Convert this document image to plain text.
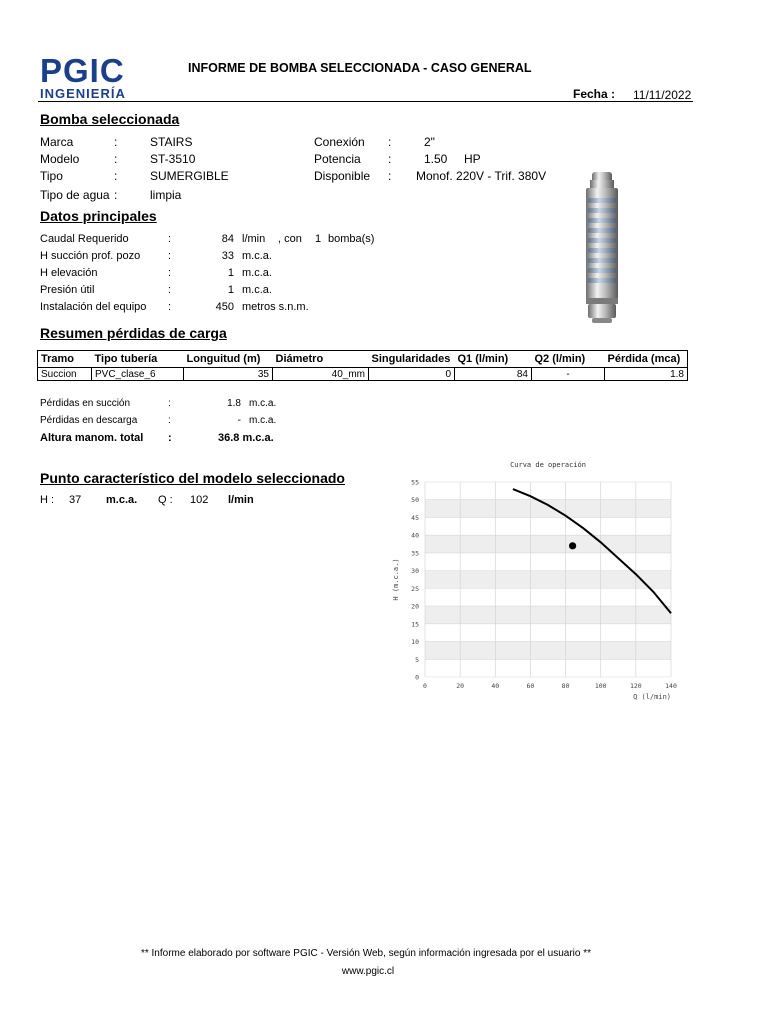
PGIC
INGENIERÍA
INFORME DE BOMBA SELECCIONADA - CASO GENERAL
Fecha : 11/11/2022
Bomba seleccionada
Marca	:	STAIRS
Modelo	:	ST-3510
Tipo	:	SUMERGIBLE
Tipo de agua :	limpia
Conexión :	2"
Potencia :	1.50 HP
Disponible : Monof. 220V - Trif. 380V
Datos principales
Caudal Requerido	:	84 l/min , con 1 bomba(s)
H succión prof. pozo	:	33 m.c.a.
H elevación	:	1 m.c.a.
Presión útil	:	1 m.c.a.
Instalación del equipo :	450 metros s.n.m.
Resumen pérdidas de carga
Tramo	Tipo tubería	Longuitud (m)	Diámetro	Singularidades	Q1 (l/min)	Q2 (l/min)	Pérdida (mca)
Succion	PVC_clase_6	35	40_mm	0	84	-	1.8
Pérdidas en succión	:	1.8 m.c.a.
Pérdidas en descarga	:	- m.c.a.
Altura manom. total :	36.8 m.c.a.
Punto característico del modelo seleccionado
H : 37 m.c.a. Q : 102 l/min
0
5
10
15
20
25
30
35
40
45
50
55
0	20	40	60	80	100	120	140
Curva de operación
Q (l/min)
H (m.c.a.)
** Informe elaborado por software PGIC - Versión Web, según información ingresada por el usuario **
www.pgic.cl
